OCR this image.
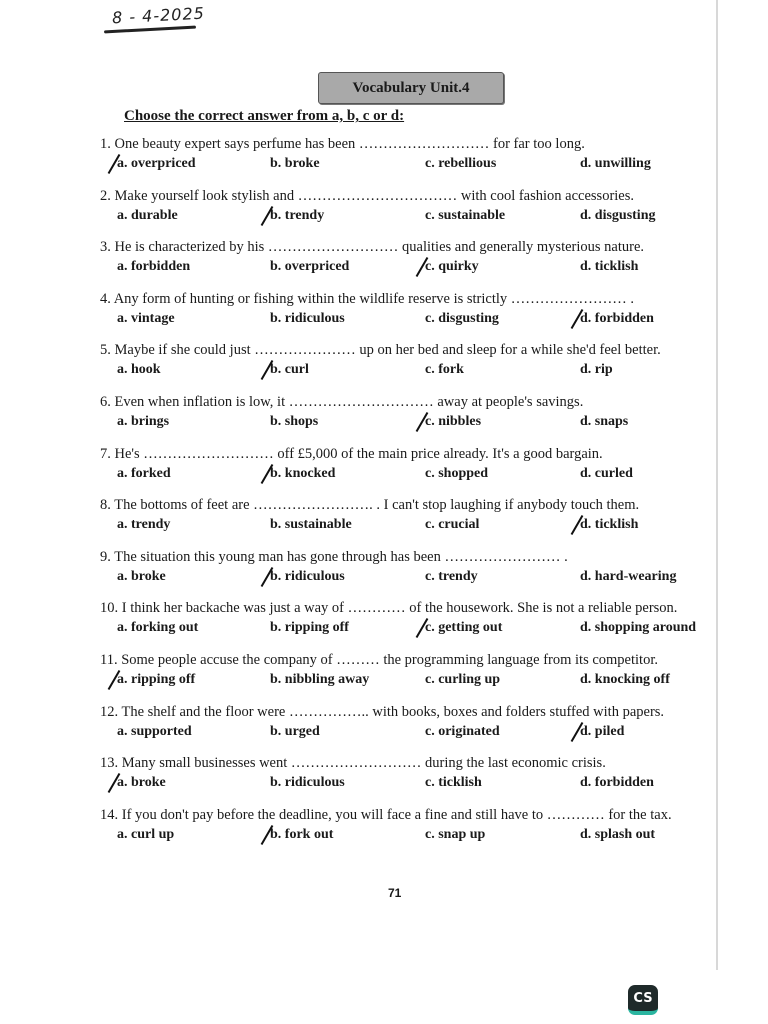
8 - 4-2025
Vocabulary Unit.4
Choose the correct answer from a, b, c or d:
1. One beauty expert says perfume has been ……………………… for far too long.
a. overpriced	b. broke	c. rebellious	d. unwilling
2. Make yourself look stylish and …………………………… with cool fashion accessories.
a. durable	b. trendy	c. sustainable	d. disgusting
3. He is characterized by his ……………………… qualities and generally mysterious nature.
a. forbidden	b. overpriced	c. quirky	d. ticklish
4. Any form of hunting or fishing within the wildlife reserve is strictly …………………… .
a. vintage	b. ridiculous	c. disgusting	d. forbidden
5. Maybe if she could just ………………… up on her bed and sleep for a while she'd feel better.
a. hook	b. curl	c. fork	d. rip
6. Even when inflation is low, it ………………………… away at people's savings.
a. brings	b. shops	c. nibbles	d. snaps
7. He's ……………………… off £5,000 of the main price already. It's a good bargain.
a. forked	b. knocked	c. shopped	d. curled
8. The bottoms of feet are ……………………. . I can't stop laughing if anybody touch them.
a. trendy	b. sustainable	c. crucial	d. ticklish
9. The situation this young man has gone through has been …………………… .
a. broke	b. ridiculous	c. trendy	d. hard-wearing
10. I think her backache was just a way of ………… of the housework. She is not a reliable person.
a. forking out	b. ripping off	c. getting out	d. shopping around
11. Some people accuse the company of ……… the programming language from its competitor.
a. ripping off	b. nibbling away	c. curling up	d. knocking off
12. The shelf and the floor were …………….. with books, boxes and folders stuffed with papers.
a. supported	b. urged	c. originated	d. piled
13. Many small businesses went ……………………… during the last economic crisis.
a. broke	b. ridiculous	c. ticklish	d. forbidden
14. If you don't pay before the deadline, you will face a fine and still have to ………… for the tax.
a. curl up	b. fork out	c. snap up	d. splash out
71
CS
